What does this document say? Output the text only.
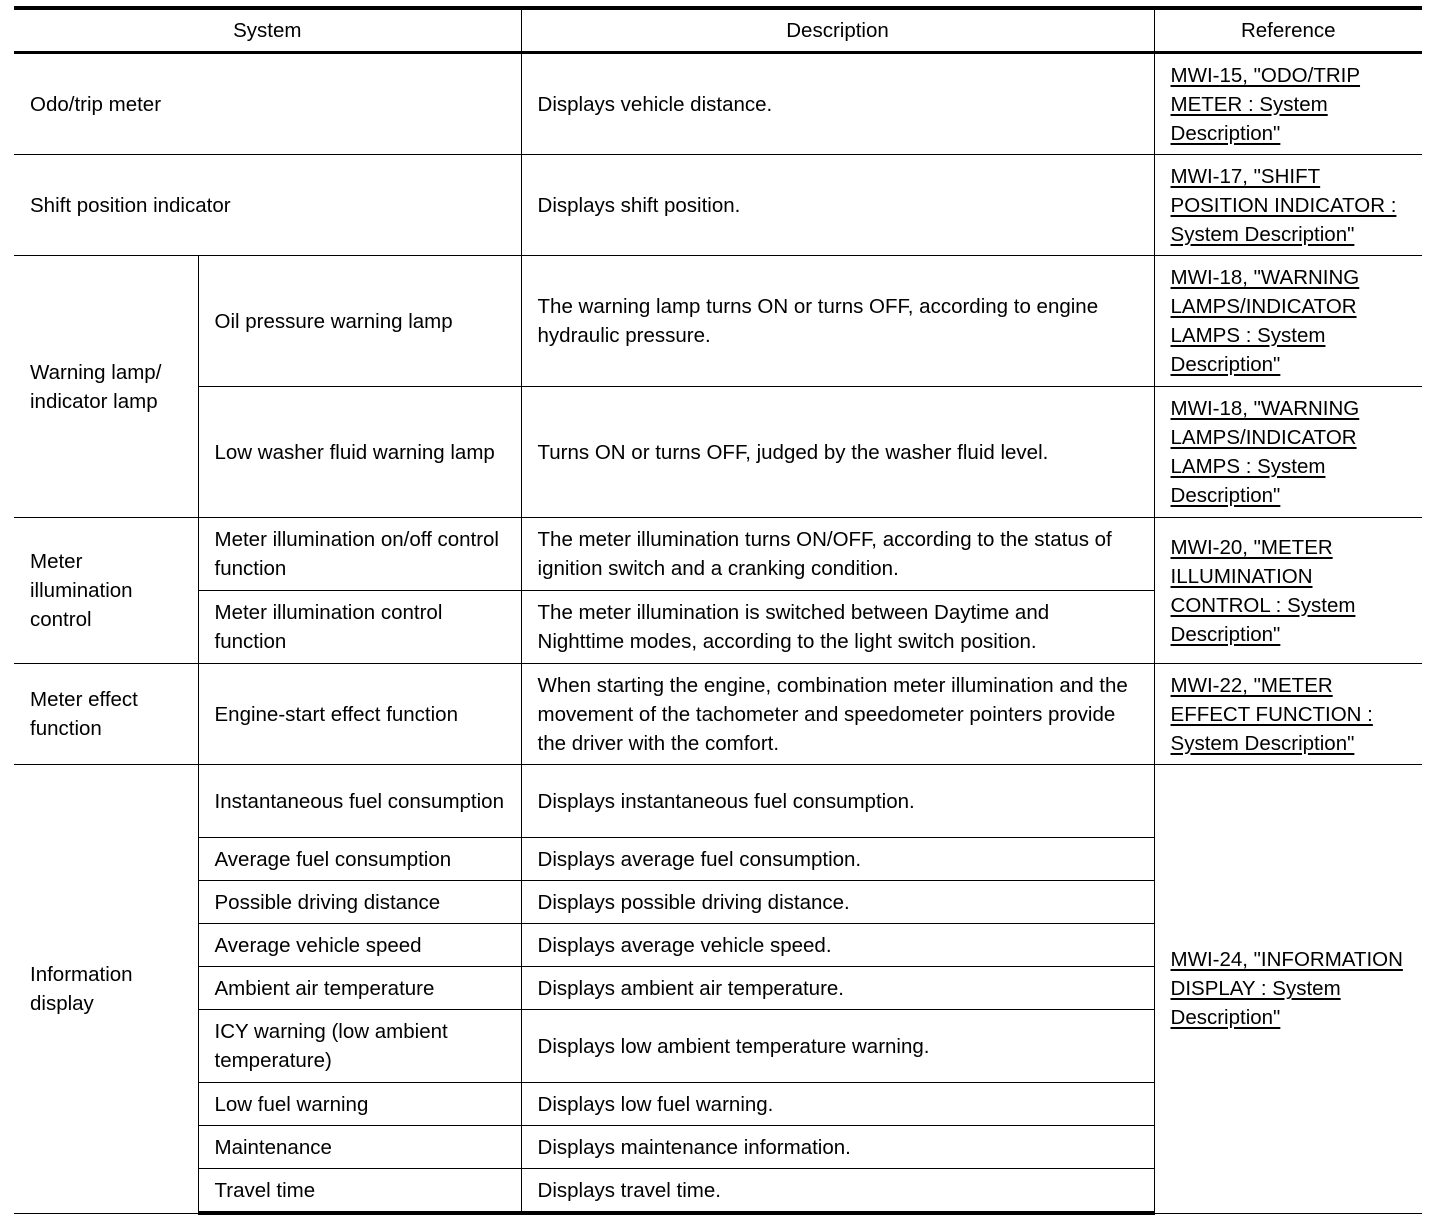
System		Description	Reference
Odo/trip meter		Displays vehicle distance.	MWI-15, "ODO/TRIP METER : System Description"
Shift position indicator		Displays shift position.	MWI-17, "SHIFT POSITION INDICATOR : System Description"
Warning lamp/ indicator lamp	Oil pressure warning lamp	The warning lamp turns ON or turns OFF, according to engine hydraulic pressure.	MWI-18, "WARNING LAMPS/INDICATOR LAMPS : System Description"
	Low washer fluid warning lamp	Turns ON or turns OFF, judged by the washer fluid level.	MWI-18, "WARNING LAMPS/INDICATOR LAMPS : System Description"
Meter illumination control	Meter illumination on/off control function	The meter illumination turns ON/OFF, according to the status of ignition switch and a cranking condition.	MWI-20, "METER ILLUMINATION CONTROL : System Description"
	Meter illumination control function	The meter illumination is switched between Daytime and Nighttime modes, according to the light switch position.	
Meter effect function	Engine-start effect function	When starting the engine, combination meter illumination and the movement of the tachometer and speedometer pointers provide the driver with the comfort.	MWI-22, "METER EFFECT FUNCTION : System Description"
Information display	Instantaneous fuel consumption	Displays instantaneous fuel consumption.	MWI-24, "INFORMATION DISPLAY : System Description"
	Average fuel consumption	Displays average fuel consumption.	
	Possible driving distance	Displays possible driving distance.	
	Average vehicle speed	Displays average vehicle speed.	
	Ambient air temperature	Displays ambient air temperature.	
	ICY warning (low ambient temperature)	Displays low ambient temperature warning.	
	Low fuel warning	Displays low fuel warning.	
	Maintenance	Displays maintenance information.	
	Travel time	Displays travel time.	
